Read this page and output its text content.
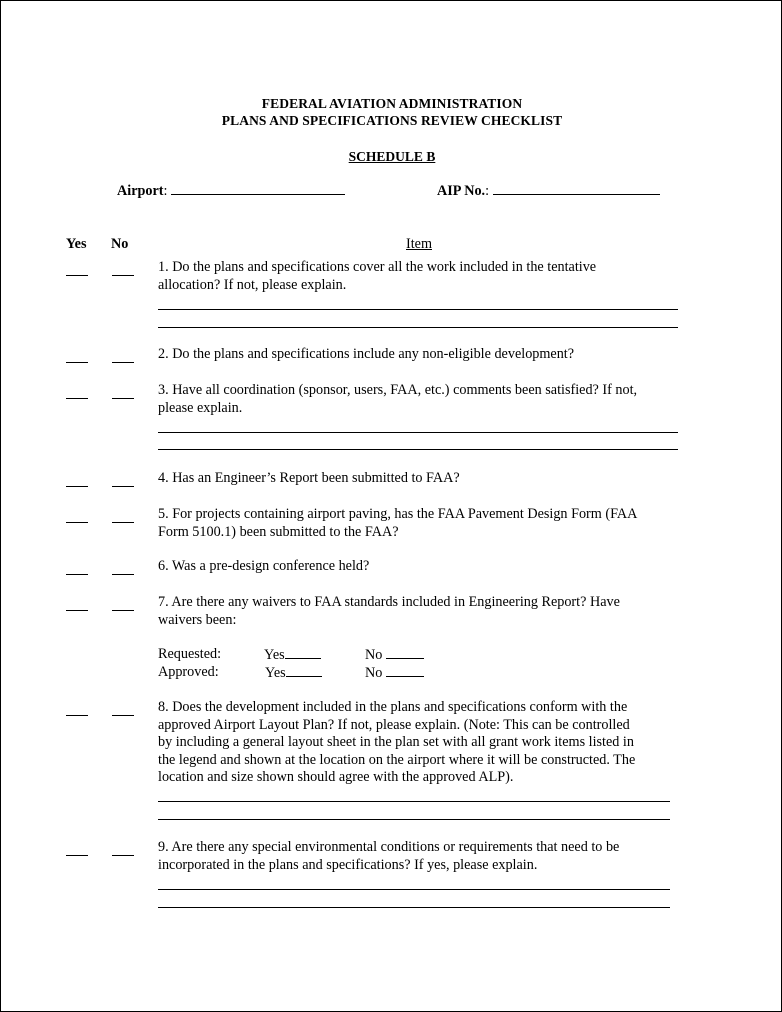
FEDERAL AVIATION ADMINISTRATION
PLANS AND SPECIFICATIONS REVIEW CHECKLIST
SCHEDULE B
Airport:	AIP No.:
Yes No	Item
1. Do the plans and specifications cover all the work included in the tentative
allocation? If not, please explain.
2. Do the plans and specifications include any non-eligible development?
3. Have all coordination (sponsor, users, FAA, etc.) comments been satisfied? If not,
please explain.
4. Has an Engineer’s Report been submitted to FAA?
5. For projects containing airport paving, has the FAA Pavement Design Form (FAA
Form 5100.1) been submitted to the FAA?
6. Was a pre-design conference held?
7. Are there any waivers to FAA standards included in Engineering Report? Have
waivers been:
Requested:	Yes	No
Approved:	Yes	No
8. Does the development included in the plans and specifications conform with the
approved Airport Layout Plan? If not, please explain. (Note: This can be controlled
by including a general layout sheet in the plan set with all grant work items listed in
the legend and shown at the location on the airport where it will be constructed. The
location and size shown should agree with the approved ALP).
9. Are there any special environmental conditions or requirements that need to be
incorporated in the plans and specifications? If yes, please explain.
